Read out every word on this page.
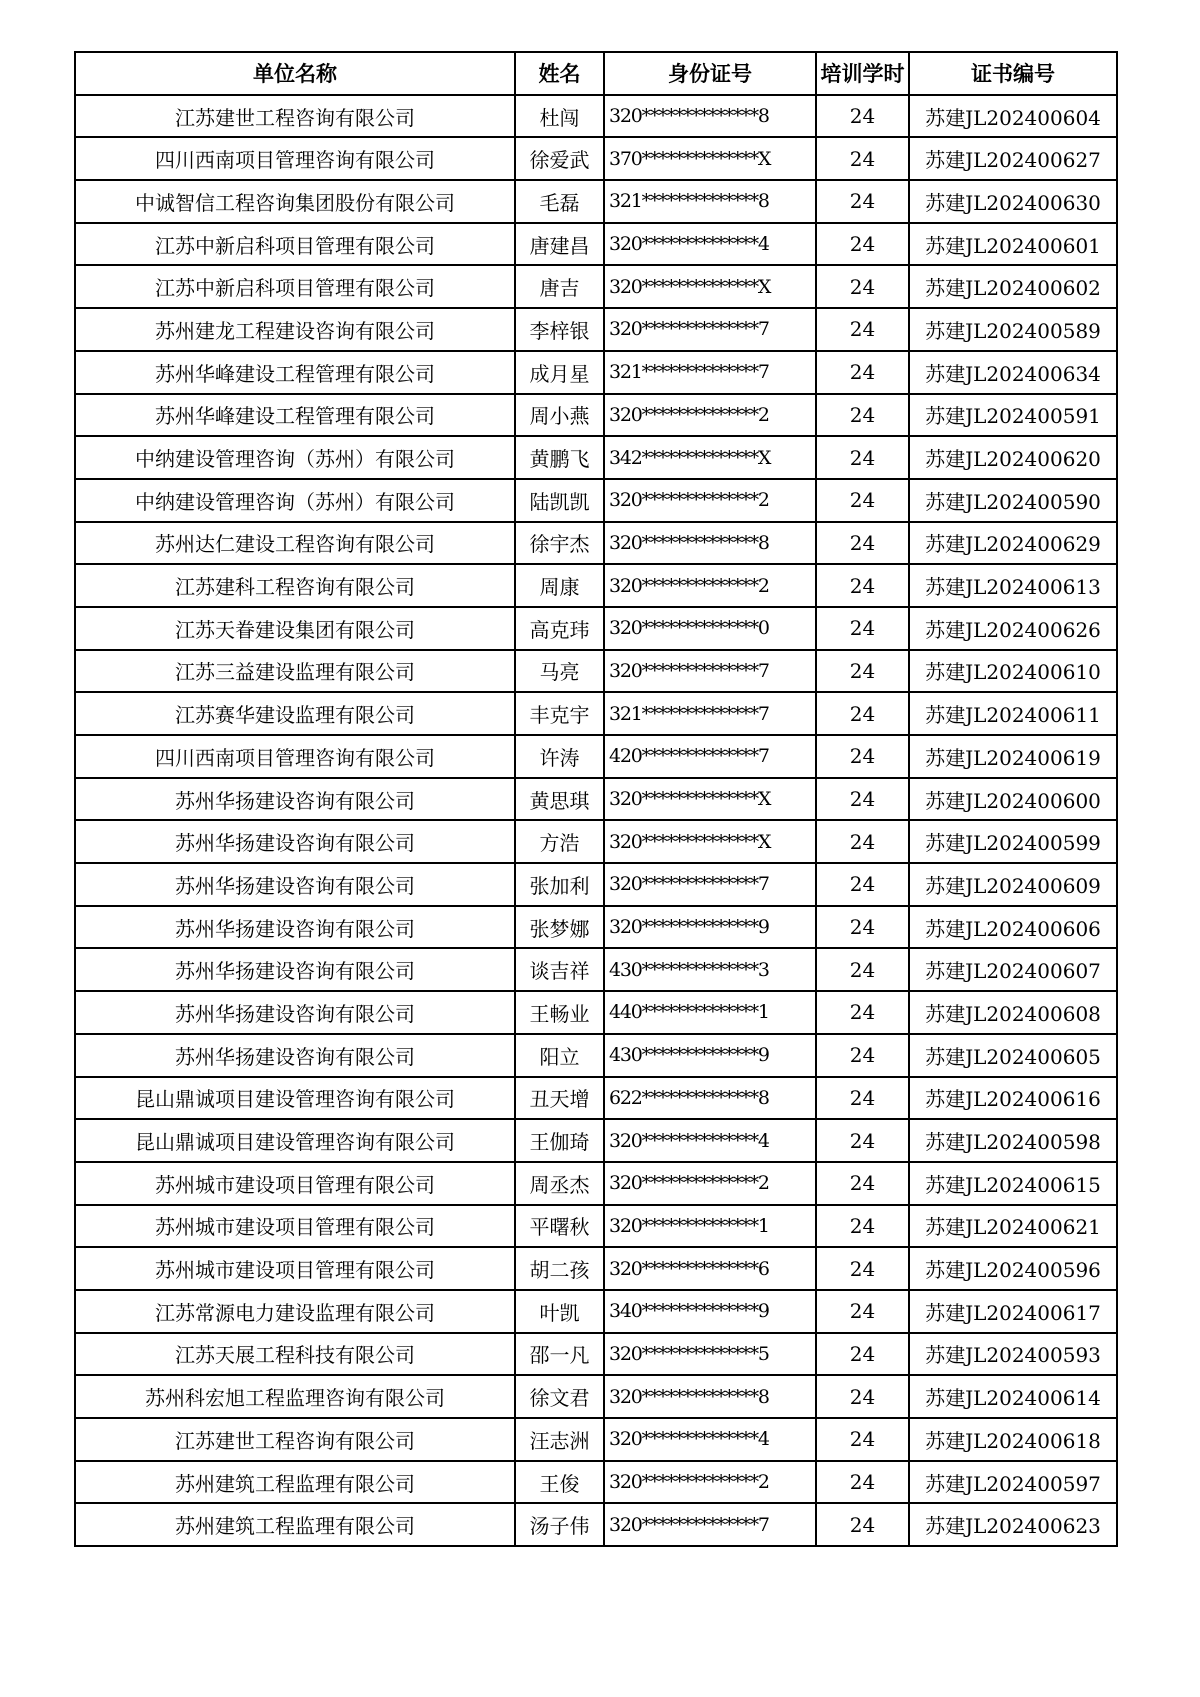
单位名称	姓名	身份证号	培训学时	证书编号
江苏建世工程咨询有限公司	杜闯	320**************8	24	苏建JL202400604
四川西南项目管理咨询有限公司	徐爱武	370**************X	24	苏建JL202400627
中诚智信工程咨询集团股份有限公司	毛磊	321**************8	24	苏建JL202400630
江苏中新启科项目管理有限公司	唐建昌	320**************4	24	苏建JL202400601
江苏中新启科项目管理有限公司	唐吉	320**************X	24	苏建JL202400602
苏州建龙工程建设咨询有限公司	李梓银	320**************7	24	苏建JL202400589
苏州华峰建设工程管理有限公司	成月星	321**************7	24	苏建JL202400634
苏州华峰建设工程管理有限公司	周小燕	320**************2	24	苏建JL202400591
中纳建设管理咨询（苏州）有限公司	黄鹏飞	342**************X	24	苏建JL202400620
中纳建设管理咨询（苏州）有限公司	陆凯凯	320**************2	24	苏建JL202400590
苏州达仁建设工程咨询有限公司	徐宇杰	320**************8	24	苏建JL202400629
江苏建科工程咨询有限公司	周康	320**************2	24	苏建JL202400613
江苏天眷建设集团有限公司	高克玮	320**************0	24	苏建JL202400626
江苏三益建设监理有限公司	马亮	320**************7	24	苏建JL202400610
江苏赛华建设监理有限公司	丰克宇	321**************7	24	苏建JL202400611
四川西南项目管理咨询有限公司	许涛	420**************7	24	苏建JL202400619
苏州华扬建设咨询有限公司	黄思琪	320**************X	24	苏建JL202400600
苏州华扬建设咨询有限公司	方浩	320**************X	24	苏建JL202400599
苏州华扬建设咨询有限公司	张加利	320**************7	24	苏建JL202400609
苏州华扬建设咨询有限公司	张梦娜	320**************9	24	苏建JL202400606
苏州华扬建设咨询有限公司	谈吉祥	430**************3	24	苏建JL202400607
苏州华扬建设咨询有限公司	王畅业	440**************1	24	苏建JL202400608
苏州华扬建设咨询有限公司	阳立	430**************9	24	苏建JL202400605
昆山鼎诚项目建设管理咨询有限公司	丑天增	622**************8	24	苏建JL202400616
昆山鼎诚项目建设管理咨询有限公司	王伽琦	320**************4	24	苏建JL202400598
苏州城市建设项目管理有限公司	周丞杰	320**************2	24	苏建JL202400615
苏州城市建设项目管理有限公司	平曙秋	320**************1	24	苏建JL202400621
苏州城市建设项目管理有限公司	胡二孩	320**************6	24	苏建JL202400596
江苏常源电力建设监理有限公司	叶凯	340**************9	24	苏建JL202400617
江苏天展工程科技有限公司	邵一凡	320**************5	24	苏建JL202400593
苏州科宏旭工程监理咨询有限公司	徐文君	320**************8	24	苏建JL202400614
江苏建世工程咨询有限公司	汪志洲	320**************4	24	苏建JL202400618
苏州建筑工程监理有限公司	王俊	320**************2	24	苏建JL202400597
苏州建筑工程监理有限公司	汤子伟	320**************7	24	苏建JL202400623
